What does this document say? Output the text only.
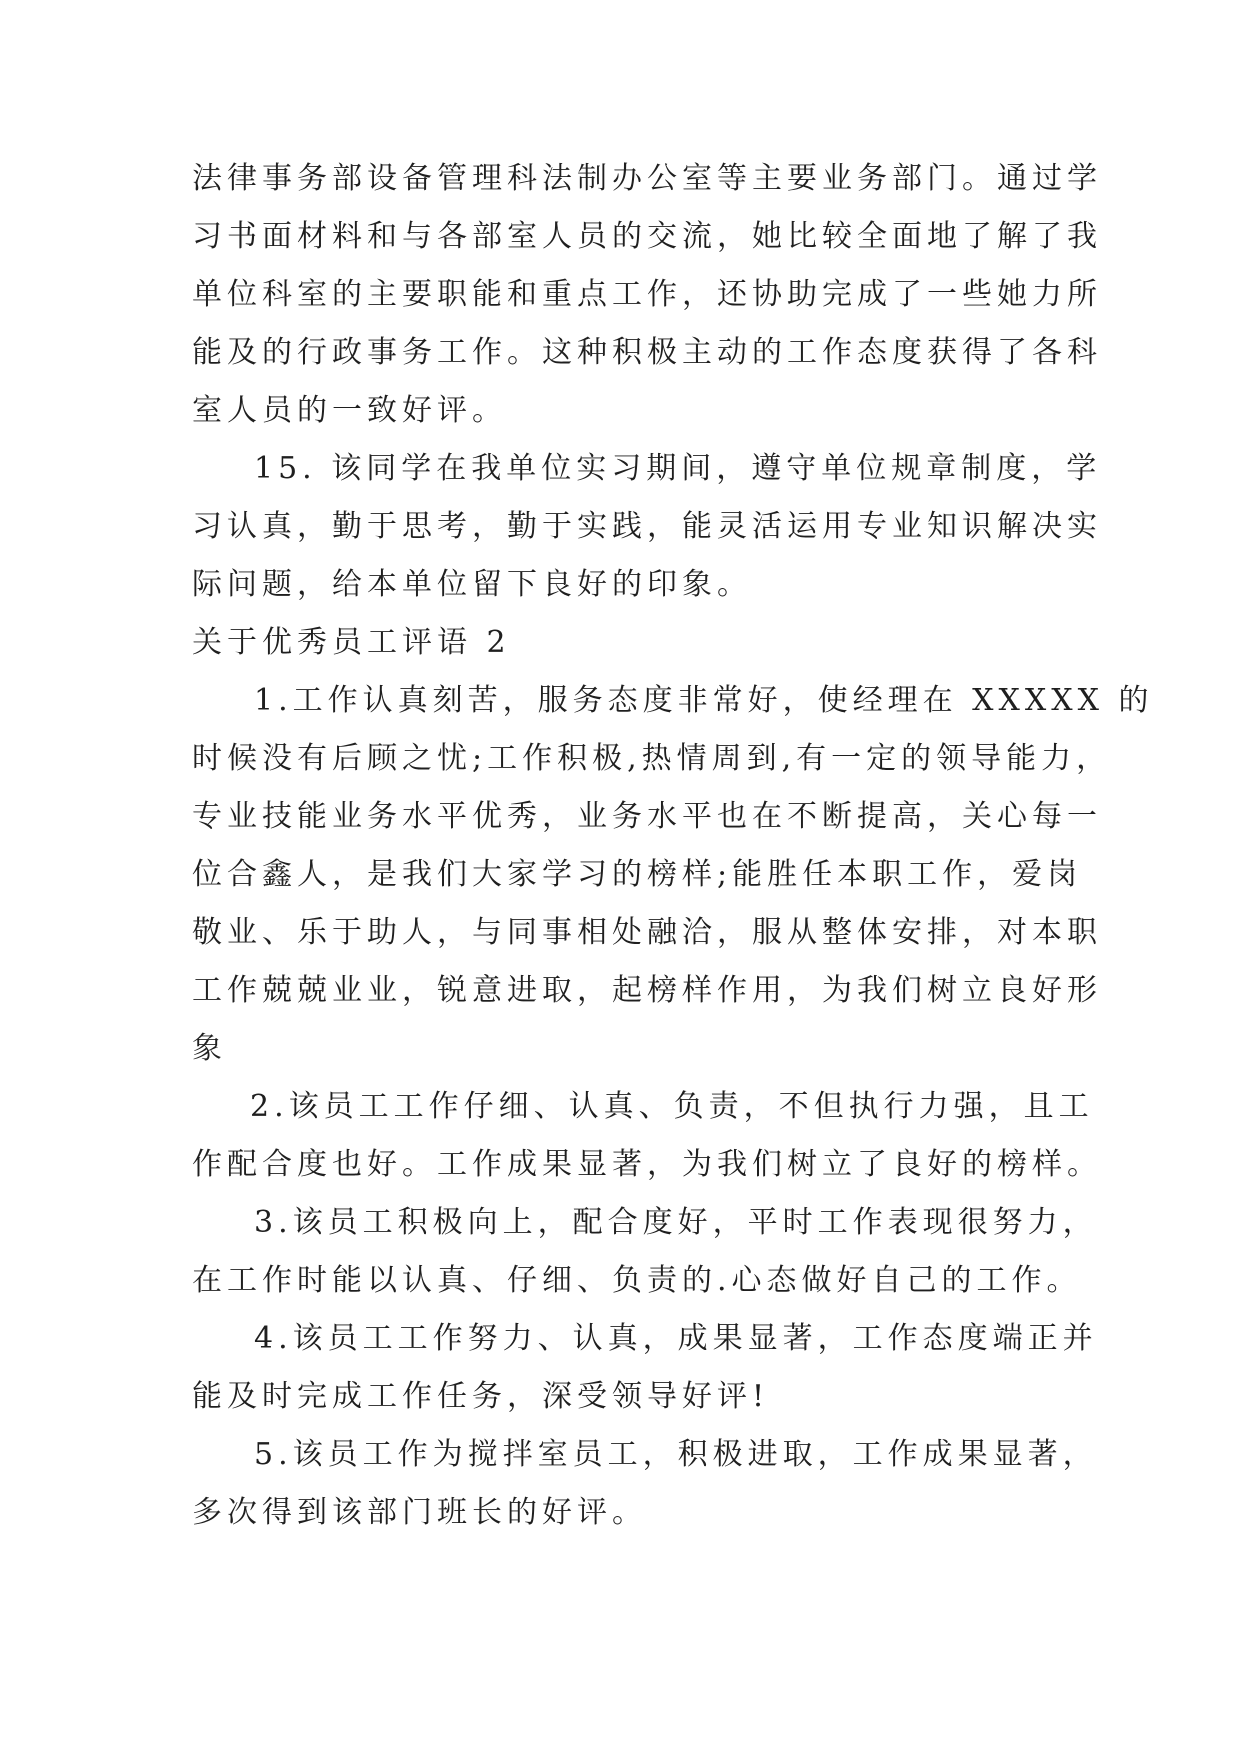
法律事务部设备管理科法制办公室等主要业务部门。通过学
习书面材料和与各部室人员的交流，她比较全面地了解了我
单位科室的主要职能和重点工作，还协助完成了一些她力所
能及的行政事务工作。这种积极主动的工作态度获得了各科
室人员的一致好评。
15. 该同学在我单位实习期间，遵守单位规章制度，学
习认真，勤于思考，勤于实践，能灵活运用专业知识解决实
际问题，给本单位留下良好的印象。
关于优秀员工评语 2
1.工作认真刻苦，服务态度非常好，使经理在 XXXXX 的
时候没有后顾之忧;工作积极,热情周到,有一定的领导能力，
专业技能业务水平优秀，业务水平也在不断提高，关心每一
位合鑫人，是我们大家学习的榜样;能胜任本职工作，爱岗
敬业、乐于助人，与同事相处融洽，服从整体安排，对本职
工作兢兢业业，锐意进取，起榜样作用，为我们树立良好形
象
2.该员工工作仔细、认真、负责，不但执行力强，且工
作配合度也好。工作成果显著，为我们树立了良好的榜样。
3.该员工积极向上，配合度好，平时工作表现很努力，
在工作时能以认真、仔细、负责的.心态做好自己的工作。
4.该员工工作努力、认真，成果显著，工作态度端正并
能及时完成工作任务，深受领导好评!
5.该员工作为搅拌室员工，积极进取，工作成果显著，
多次得到该部门班长的好评。
